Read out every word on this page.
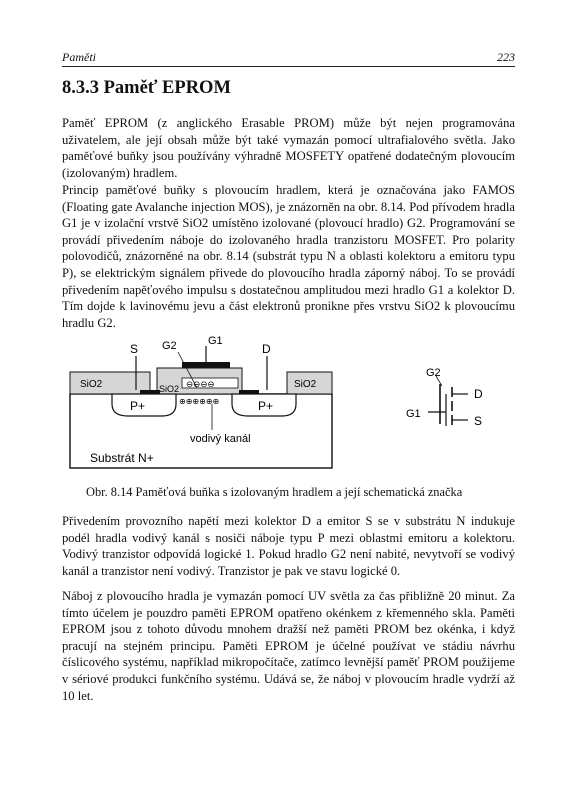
Paměti	223
8.3.3 Paměť EPROM

Paměť EPROM (z anglického Erasable PROM) může být nejen programována uživatelem, ale její obsah může být také vymazán pomocí ultrafialového světla. Jako paměťové buňky jsou používány výhradně MOSFETY opatřené dodatečným plovoucím (izolovaným) hradlem.

Princip paměťové buňky s plovoucím hradlem, která je označována jako FAMOS (Floating gate Avalanche injection MOS), je znázorněn na obr. 8.14. Pod přívodem hradla G1 je v izolační vrstvě SiO2 umístěno izolované (plovoucí hradlo) G2. Programování se provádí přivedením náboje do izolovaného hradla tranzistoru MOSFET. Pro polarity polovodičů, znázorněné na obr. 8.14 (substrát typu N a oblasti kolektoru a emitoru typu P), se elektrickým signálem přivede do plovoucího hradla záporný náboj. To se provádí přivedením napěťového impulsu s dostatečnou amplitudou mezi hradlo G1 a kolektor D. Tím dojde k lavinovému jevu a část elektronů pronikne přes vrstvu SiO2 k plovoucímu hradlu G2.

S G2	G1
D
SiO2	SiO2	SiO2
⊖⊖⊖⊖
⊕⊕⊕⊕⊕⊕
P+	P+
vodivý kanál
Substrát N+
G2
D
G1	S

Obr. 8.14 Paměťová buňka s izolovaným hradlem a její schematická značka

Přivedením provozního napětí mezi kolektor D a emitor S se v substrátu N indukuje podél hradla vodivý kanál s nosiči náboje typu P mezi oblastmi emitoru a kolektoru. Vodivý tranzistor odpovídá logické 1. Pokud hradlo G2 není nabité, nevytvoří se vodivý kanál a tranzistor není vodivý. Tranzistor je pak ve stavu logické 0.

Náboj z plovoucího hradla je vymazán pomocí UV světla za čas přibližně 20 minut. Za tímto účelem je pouzdro paměti EPROM opatřeno okénkem z křemenného skla. Paměti EPROM jsou z tohoto důvodu mnohem dražší než paměti PROM bez okénka, i když pracují na stejném principu. Paměti EPROM je účelné používat ve stádiu návrhu číslicového systému, například mikropočítače, zatímco levnější paměť PROM použijeme v sériové produkci funkčního systému. Udává se, že náboj v plovoucím hradle vydrží až 10 let.
